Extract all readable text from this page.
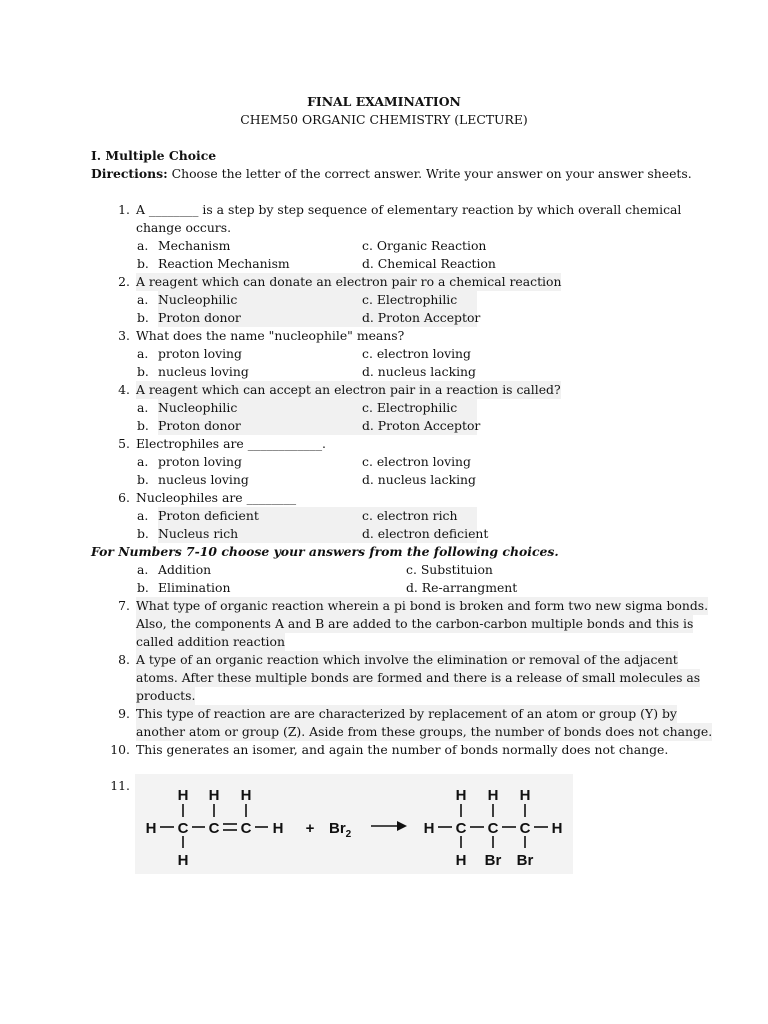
FINAL EXAMINATION
CHEM50 ORGANIC CHEMISTRY (LECTURE)
I. Multiple Choice
Directions: Choose the letter of the correct answer. Write your answer on your answer sheets.
1. A ________ is a step by step sequence of elementary reaction by which overall chemical
change occurs.
a. Mechanism	c. Organic Reaction
b. Reaction Mechanism	d. Chemical Reaction
2. A reagent which can donate an electron pair ro a chemical reaction
a. Nucleophilic	c. Electrophilic
b. Proton donor	d. Proton Acceptor
3. What does the name "nucleophile" means?
a. proton loving	c. electron loving
b. nucleus loving	d. nucleus lacking
4. A reagent which can accept an electron pair in a reaction is called?
a. Nucleophilic	c. Electrophilic
b. Proton donor	d. Proton Acceptor
5. Electrophiles are ____________.
a. proton loving	c. electron loving
b. nucleus loving	d. nucleus lacking
6. Nucleophiles are ________
a. Proton deficient	c. electron rich
b. Nucleus rich	d. electron deficient
For Numbers 7-10 choose your answers from the following choices.
a. Addition	c. Substituion
b. Elimination	d. Re-arrangment
7. What type of organic reaction wherein a pi bond is broken and form two new sigma bonds.
Also, the components A and B are added to the carbon-carbon multiple bonds and this is
called addition reaction
8. A type of an organic reaction which involve the elimination or removal of the adjacent
atoms. After these multiple bonds are formed and there is a release of small molecules as
products.
9. This type of reaction are are characterized by replacement of an atom or group (Y) by
another atom or group (Z). Aside from these groups, the number of bonds does not change.
10. This generates an isomer, and again the number of bonds normally does not change.
11.
H H H
H C C C H
H
+ $Br_2$
H H H
H C C C H
H Br Br
